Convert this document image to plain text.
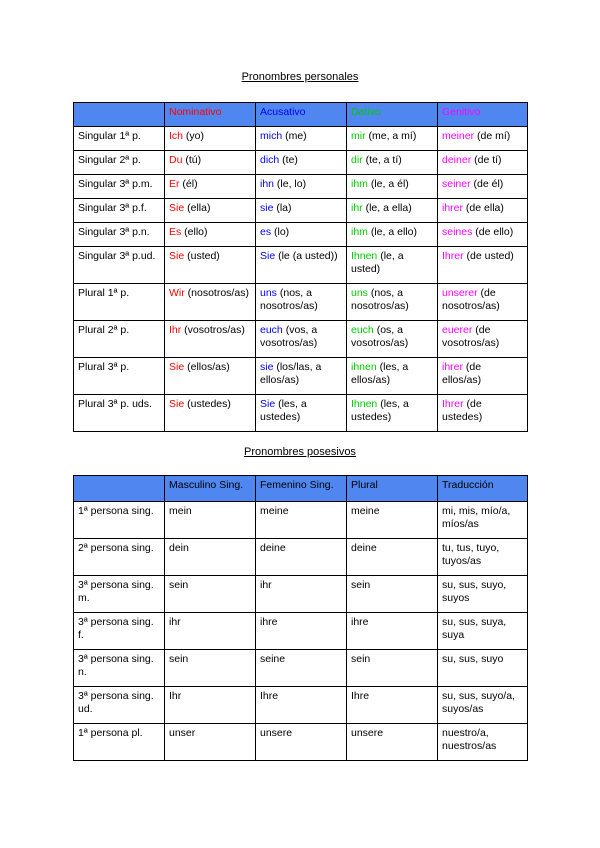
Pronombres personales
	Nominativo	Acusativo	Dativo	Genitivo
Singular 1ª p.	Ich (yo)	mich (me)	mir (me, a mí)	meiner (de mí)
Singular 2ª p.	Du (tú)	dich (te)	dir (te, a tí)	deiner (de tí)
Singular 3ª p.m.	Er (él)	ihn (le, lo)	ihm (le, a él)	seiner (de él)
Singular 3ª p.f.	Sie (ella)	sie (la)	ihr (le, a ella)	ihrer (de ella)
Singular 3ª p.n.	Es (ello)	es (lo)	ihm (le, a ello)	seines (de ello)
Singular 3ª p.ud.	Sie (usted)	Sie (le (a usted))	Ihnen (le, a usted)	Ihrer (de usted)
Plural 1ª p.	Wir (nosotros/as)	uns (nos, a nosotros/as)	uns (nos, a nosotros/as)	unserer (de nosotros/as)
Plural 2ª p.	Ihr (vosotros/as)	euch (vos, a vosotros/as)	euch (os, a vosotros/as)	euerer (de vosotros/as)
Plural 3ª p.	Sie (ellos/as)	sie (los/las, a ellos/as)	ihnen (les, a ellos/as)	ihrer (de ellos/as)
Plural 3ª p. uds.	Sie (ustedes)	Sie (les, a ustedes)	Ihnen (les, a ustedes)	Ihrer (de ustedes)
Pronombres posesivos
	Masculino Sing.	Femenino Sing.	Plural	Traducción
1ª persona sing.	mein	meine	meine	mi, mis, mío/a, míos/as
2ª persona sing.	dein	deine	deine	tu, tus, tuyo, tuyos/as
3ª persona sing. m.	sein	ihr	sein	su, sus, suyo, suyos
3ª persona sing. f.	ihr	ihre	ihre	su, sus, suya, suya
3ª persona sing. n.	sein	seine	sein	su, sus, suyo
3ª persona sing. ud.	Ihr	Ihre	Ihre	su, sus, suyo/a, suyos/as
1ª persona pl.	unser	unsere	unsere	nuestro/a, nuestros/as
